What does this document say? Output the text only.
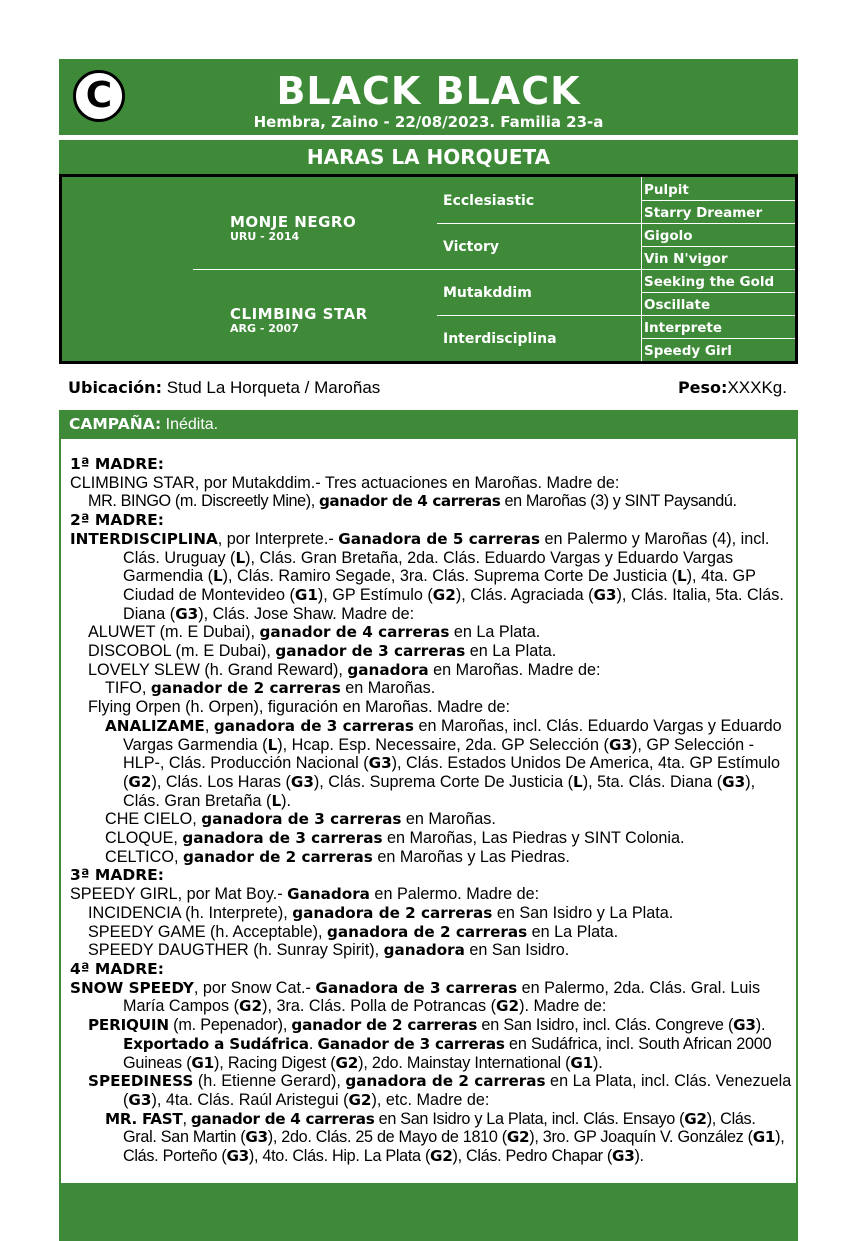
C	BLACK BLACK
Hembra, Zaino - 22/08/2023. Familia 23-a
HARAS LA HORQUETA
MONJE NEGRO
URU - 2014
CLIMBING STAR
ARG - 2007
Ecclesiastic
Victory
Mutakddim
Interdisciplina
Pulpit
Starry Dreamer
Gigolo
Vin N'vigor
Seeking the Gold
Oscillate
Interprete
Speedy Girl
Ubicación: Stud La Horqueta / Maroñas	Peso:XXXKg.
CAMPAÑA: Inédita.
1ª MADRE:
CLIMBING STAR, por Mutakddim.- Tres actuaciones en Maroñas. Madre de:
MR. BINGO (m. Discreetly Mine), ganador de 4 carreras en Maroñas (3) y SINT Paysandú.
2ª MADRE:
INTERDISCIPLINA, por Interprete.- Ganadora de 5 carreras en Palermo y Maroñas (4), incl. Clás. Uruguay (L), Clás. Gran Bretaña, 2da. Clás. Eduardo Vargas y Eduardo Vargas Garmendia (L), Clás. Ramiro Segade, 3ra. Clás. Suprema Corte De Justicia (L), 4ta. GP Ciudad de Montevideo (G1), GP Estímulo (G2), Clás. Agraciada (G3), Clás. Italia, 5ta. Clás. Diana (G3), Clás. Jose Shaw. Madre de:
ALUWET (m. E Dubai), ganador de 4 carreras en La Plata.
DISCOBOL (m. E Dubai), ganador de 3 carreras en La Plata.
LOVELY SLEW (h. Grand Reward), ganadora en Maroñas. Madre de:
TIFO, ganador de 2 carreras en Maroñas.
Flying Orpen (h. Orpen), figuración en Maroñas. Madre de:
ANALIZAME, ganadora de 3 carreras en Maroñas, incl. Clás. Eduardo Vargas y Eduardo Vargas Garmendia (L), Hcap. Esp. Necessaire, 2da. GP Selección (G3), GP Selección -HLP-, Clás. Producción Nacional (G3), Clás. Estados Unidos De America, 4ta. GP Estímulo (G2), Clás. Los Haras (G3), Clás. Suprema Corte De Justicia (L), 5ta. Clás. Diana (G3), Clás. Gran Bretaña (L).
CHE CIELO, ganadora de 3 carreras en Maroñas.
CLOQUE, ganadora de 3 carreras en Maroñas, Las Piedras y SINT Colonia.
CELTICO, ganador de 2 carreras en Maroñas y Las Piedras.
3ª MADRE:
SPEEDY GIRL, por Mat Boy.- Ganadora en Palermo. Madre de:
INCIDENCIA (h. Interprete), ganadora de 2 carreras en San Isidro y La Plata.
SPEEDY GAME (h. Acceptable), ganadora de 2 carreras en La Plata.
SPEEDY DAUGTHER (h. Sunray Spirit), ganadora en San Isidro.
4ª MADRE:
SNOW SPEEDY, por Snow Cat.- Ganadora de 3 carreras en Palermo, 2da. Clás. Gral. Luis María Campos (G2), 3ra. Clás. Polla de Potrancas (G2). Madre de:
PERIQUIN (m. Pepenador), ganador de 2 carreras en San Isidro, incl. Clás. Congreve (G3). Exportado a Sudáfrica. Ganador de 3 carreras en Sudáfrica, incl. South African 2000 Guineas (G1), Racing Digest (G2), 2do. Mainstay International (G1).
SPEEDINESS (h. Etienne Gerard), ganadora de 2 carreras en La Plata, incl. Clás. Venezuela (G3), 4ta. Clás. Raúl Aristegui (G2), etc. Madre de:
MR. FAST, ganador de 4 carreras en San Isidro y La Plata, incl. Clás. Ensayo (G2), Clás. Gral. San Martin (G3), 2do. Clás. 25 de Mayo de 1810 (G2), 3ro. GP Joaquín V. González (G1), Clás. Porteño (G3), 4to. Clás. Hip. La Plata (G2), Clás. Pedro Chapar (G3).
